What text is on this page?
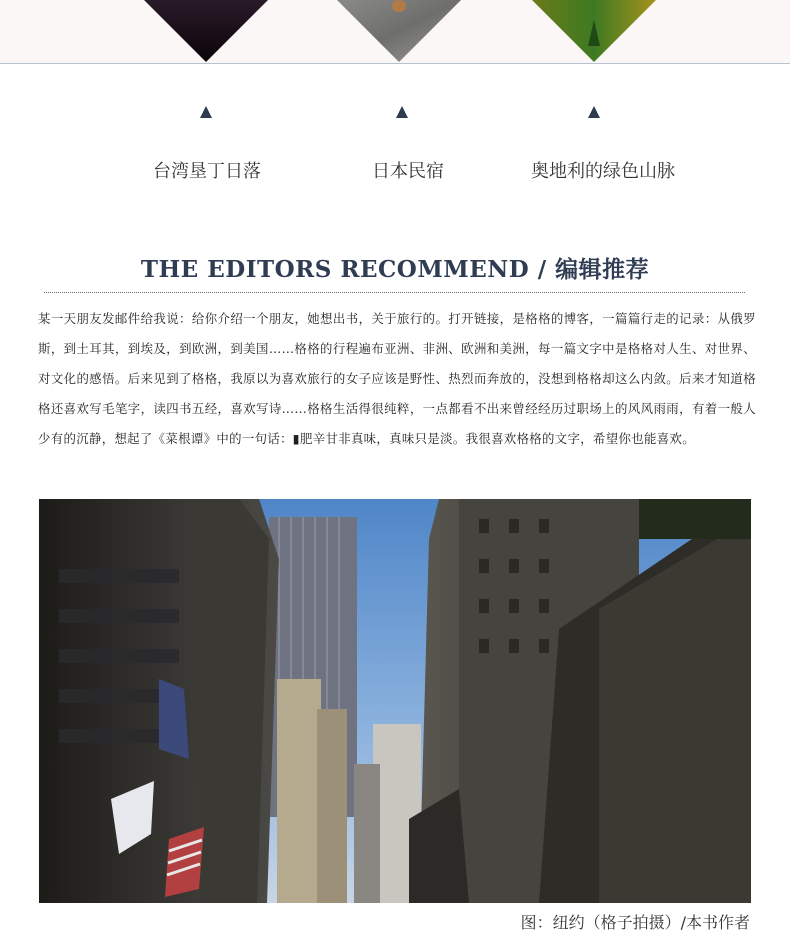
台湾垦丁日落	日本民宿	奥地利的绿色山脉
THE EDITORS RECOMMEND / 编辑推荐
某一天朋友发邮件给我说：给你介绍一个朋友，她想出书，关于旅行的。打开链接，是格格的博客，一篇篇行走的记录：从俄罗斯，到土耳其，到埃及，到欧洲，到美国……格格的行程遍布亚洲、非洲、欧洲和美洲，每一篇文字中是格格对人生、对世界、对文化的感悟。后来见到了格格，我原以为喜欢旅行的女子应该是野性、热烈而奔放的，没想到格格却这么内敛。后来才知道格格还喜欢写毛笔字，读四书五经，喜欢写诗……格格生活得很纯粹，一点都看不出来曾经经历过职场上的风风雨雨，有着一般人少有的沉静，想起了《菜根谭》中的一句话：▮肥辛甘非真味，真味只是淡。我很喜欢格格的文字，希望你也能喜欢。
图：纽约（格子拍摄）/本书作者
